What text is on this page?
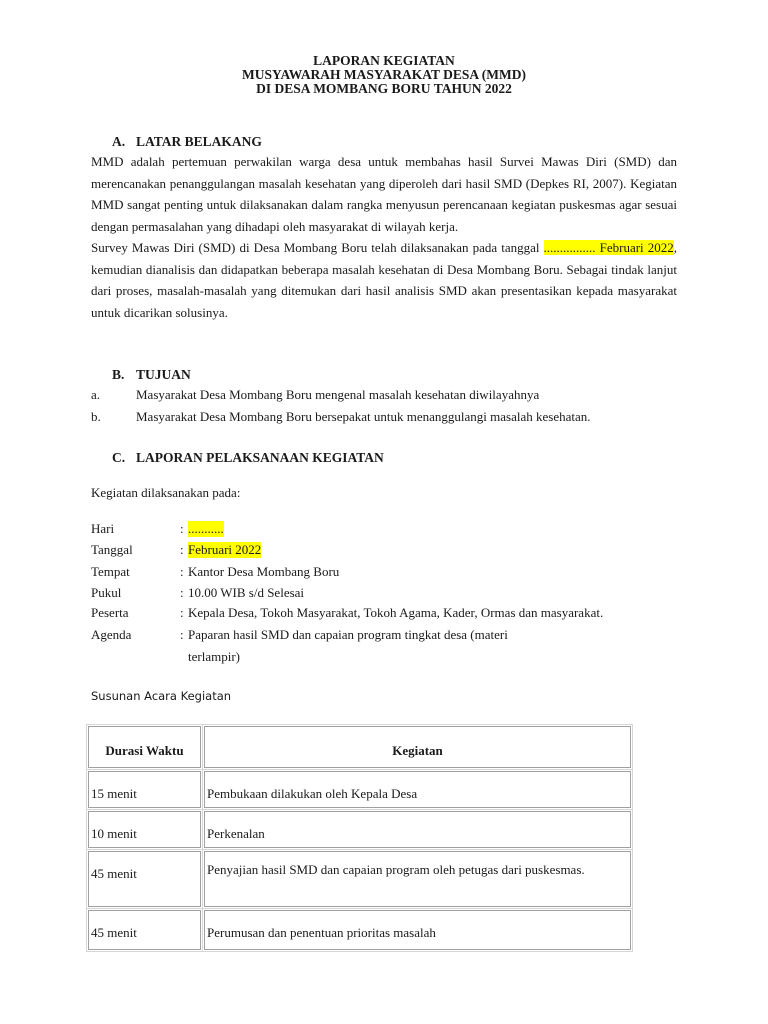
LAPORAN KEGIATAN
MUSYAWARAH MASYARAKAT DESA (MMD)
DI DESA MOMBANG BORU TAHUN 2022
A. LATAR BELAKANG

MMD adalah pertemuan perwakilan warga desa untuk membahas hasil Survei Mawas Diri (SMD) dan merencanakan penanggulangan masalah kesehatan yang diperoleh dari hasil SMD (Depkes RI, 2007). Kegiatan MMD sangat penting untuk dilaksanakan dalam rangka menyusun perencanaan kegiatan puskesmas agar sesuai dengan permasalahan yang dihadapi oleh masyarakat di wilayah kerja.

Survey Mawas Diri (SMD) di Desa Mombang Boru telah dilaksanakan pada tanggal ................ Februari 2022, kemudian dianalisis dan didapatkan beberapa masalah kesehatan di Desa Mombang Boru. Sebagai tindak lanjut dari proses, masalah-masalah yang ditemukan dari hasil analisis SMD akan presentasikan kepada masyarakat untuk dicarikan solusinya.

B. TUJUAN
a.	Masyarakat Desa Mombang Boru mengenal masalah kesehatan diwilayahnya
b.	Masyarakat Desa Mombang Boru bersepakat untuk menanggulangi masalah kesehatan.
C. LAPORAN PELAKSANAAN KEGIATAN
Kegiatan dilaksanakan pada:
Hari	: ...........
Tanggal	: Februari 2022
Tempat	: Kantor Desa Mombang Boru
Pukul	: 10.00 WIB s/d Selesai
Peserta	: Kepala Desa, Tokoh Masyarakat, Tokoh Agama, Kader, Ormas dan masyarakat.
Agenda	: Paparan hasil SMD dan capaian program tingkat desa (materi
terlampir)
Susunan Acara Kegiatan
Durasi Waktu	Kegiatan
15 menit	Pembukaan dilakukan oleh Kepala Desa
10 menit	Perkenalan
45 menit	Penyajian hasil SMD dan capaian program oleh petugas dari puskesmas.
45 menit	Perumusan dan penentuan prioritas masalah
